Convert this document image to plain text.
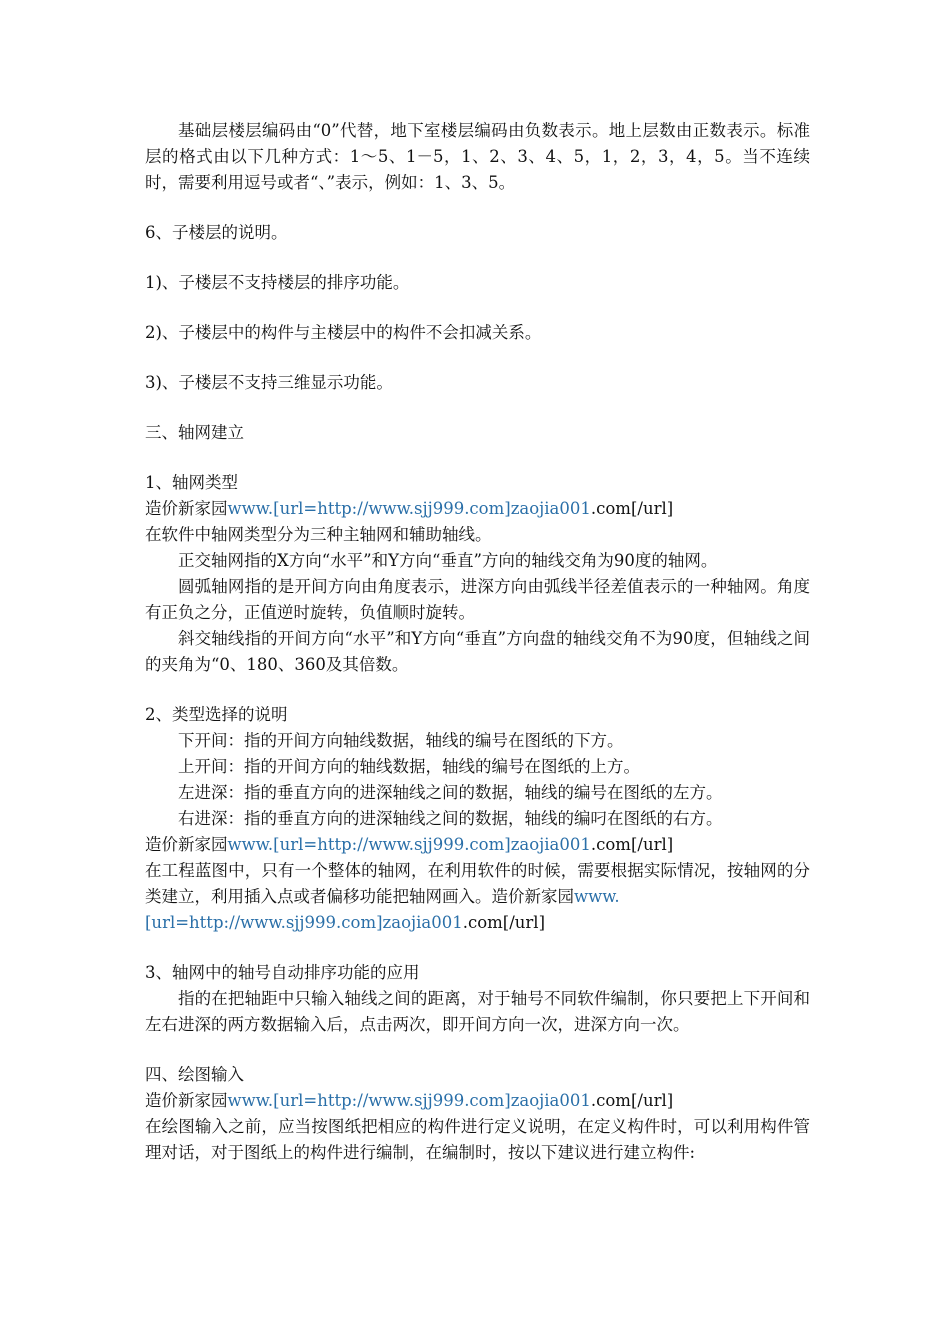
基础层楼层编码由“0”代替，地下室楼层编码由负数表示。地上层数由正数表示。标准层的格式由以下几种方式：1～5、1－5，1、2、3、4、5，1，2，3，4，5。当不连续时，需要利用逗号或者“、”表示，例如：1、3、5。

6、子楼层的说明。

1)、子楼层不支持楼层的排序功能。

2)、子楼层中的构件与主楼层中的构件不会扣减关系。

3)、子楼层不支持三维显示功能。

三、轴网建立

1、轴网类型

造价新家园www.[url=http://www.sjj999.com]zaojia001.com[/url]

在软件中轴网类型分为三种主轴网和辅助轴线。

正交轴网指的X方向“水平”和Y方向“垂直”方向的轴线交角为90度的轴网。

圆弧轴网指的是开间方向由角度表示，进深方向由弧线半径差值表示的一种轴网。角度有正负之分，正值逆时旋转，负值顺时旋转。

斜交轴线指的开间方向“水平”和Y方向“垂直”方向盘的轴线交角不为90度，但轴线之间的夹角为“0、180、360及其倍数。

2、类型选择的说明

下开间：指的开间方向轴线数据，轴线的编号在图纸的下方。

上开间：指的开间方向的轴线数据，轴线的编号在图纸的上方。

左进深：指的垂直方向的进深轴线之间的数据，轴线的编号在图纸的左方。

右进深：指的垂直方向的进深轴线之间的数据，轴线的编叼在图纸的右方。

造价新家园www.[url=http://www.sjj999.com]zaojia001.com[/url]

在工程蓝图中，只有一个整体的轴网，在利用软件的时候，需要根据实际情况，按轴网的分类建立，利用插入点或者偏移功能把轴网画入。造价新家园www.
[url=http://www.sjj999.com]zaojia001.com[/url]

3、轴网中的轴号自动排序功能的应用

指的在把轴距中只输入轴线之间的距离，对于轴号不同软件编制，你只要把上下开间和左右进深的两方数据输入后，点击两次，即开间方向一次，进深方向一次。

四、绘图输入

造价新家园www.[url=http://www.sjj999.com]zaojia001.com[/url]

在绘图输入之前，应当按图纸把相应的构件进行定义说明，在定义构件时，可以利用构件管理对话，对于图纸上的构件进行编制，在编制时，按以下建议进行建立构件:
